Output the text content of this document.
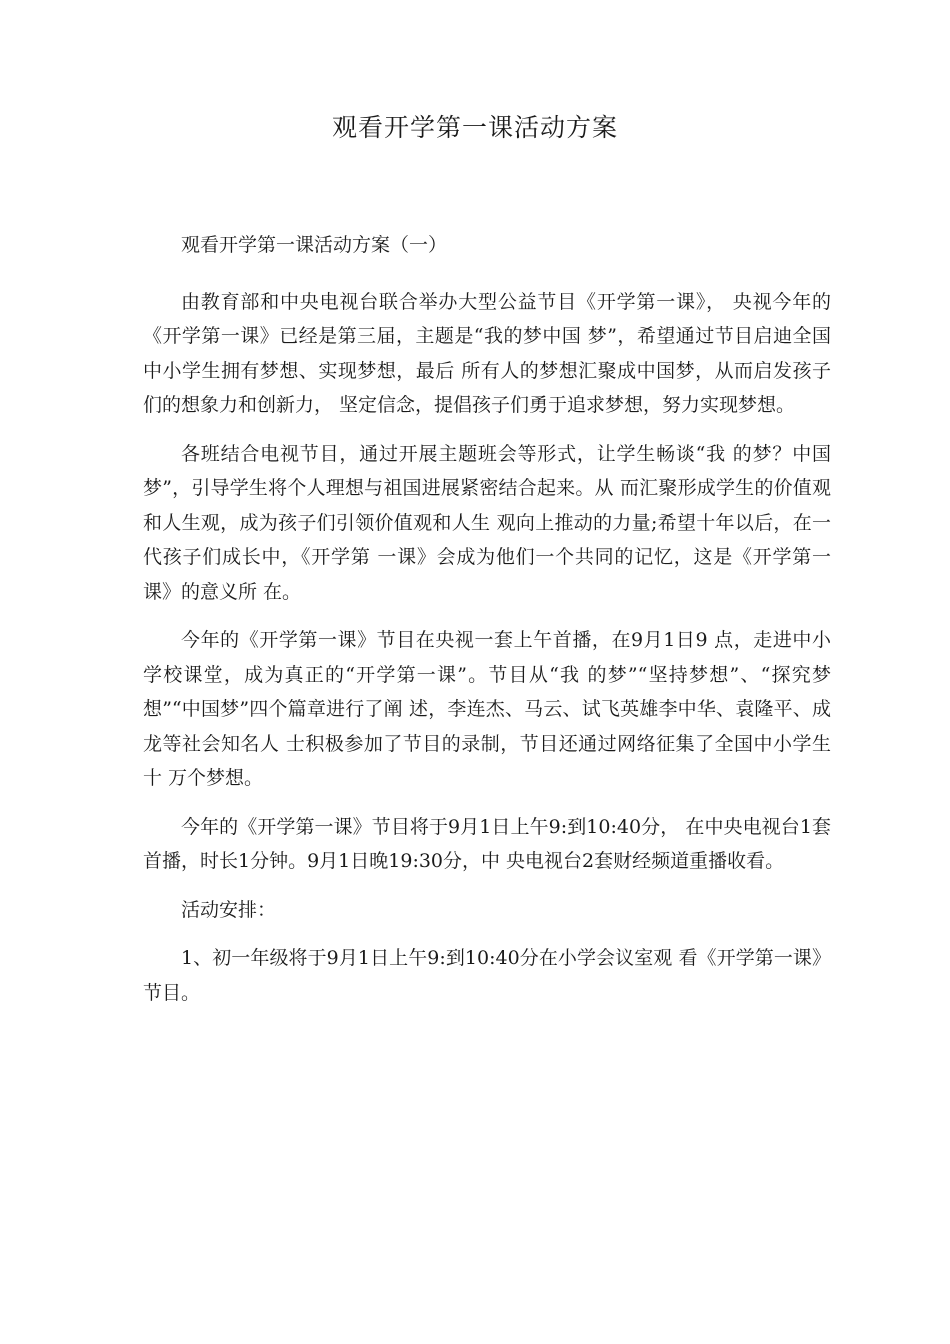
观看开学第一课活动方案

观看开学第一课活动方案（一）

由教育部和中央电视台联合举办大型公益节目《开学第一课》， 央视今年的《开学第一课》已经是第三届，主题是“我的梦中国 梦”，希望通过节目启迪全国中小学生拥有梦想、实现梦想，最后 所有人的梦想汇聚成中国梦，从而启发孩子们的想象力和创新力， 坚定信念，提倡孩子们勇于追求梦想，努力实现梦想。

各班结合电视节目，通过开展主题班会等形式，让学生畅谈“我 的梦？中国梦”，引导学生将个人理想与祖国进展紧密结合起来。从 而汇聚形成学生的价值观和人生观，成为孩子们引领价值观和人生 观向上推动的力量;希望十年以后，在一代孩子们成长中，《开学第 一课》会成为他们一个共同的记忆，这是《开学第一课》的意义所 在。

今年的《开学第一课》节目在央视一套上午首播，在9月1日9 点，走进中小学校课堂，成为真正的“开学第一课”。节目从“我 的梦”“坚持梦想”、“探究梦想”“中国梦”四个篇章进行了阐 述，李连杰、马云、试飞英雄李中华、袁隆平、成龙等社会知名人 士积极参加了节目的录制，节目还通过网络征集了全国中小学生十 万个梦想。

今年的《开学第一课》节目将于9月1日上午9:到10:40分， 在中央电视台1套首播，时长1分钟。9月1日晚19:30分，中 央电视台2套财经频道重播收看。

活动安排：

1、初一年级将于9月1日上午9:到10:40分在小学会议室观 看《开学第一课》节目。
